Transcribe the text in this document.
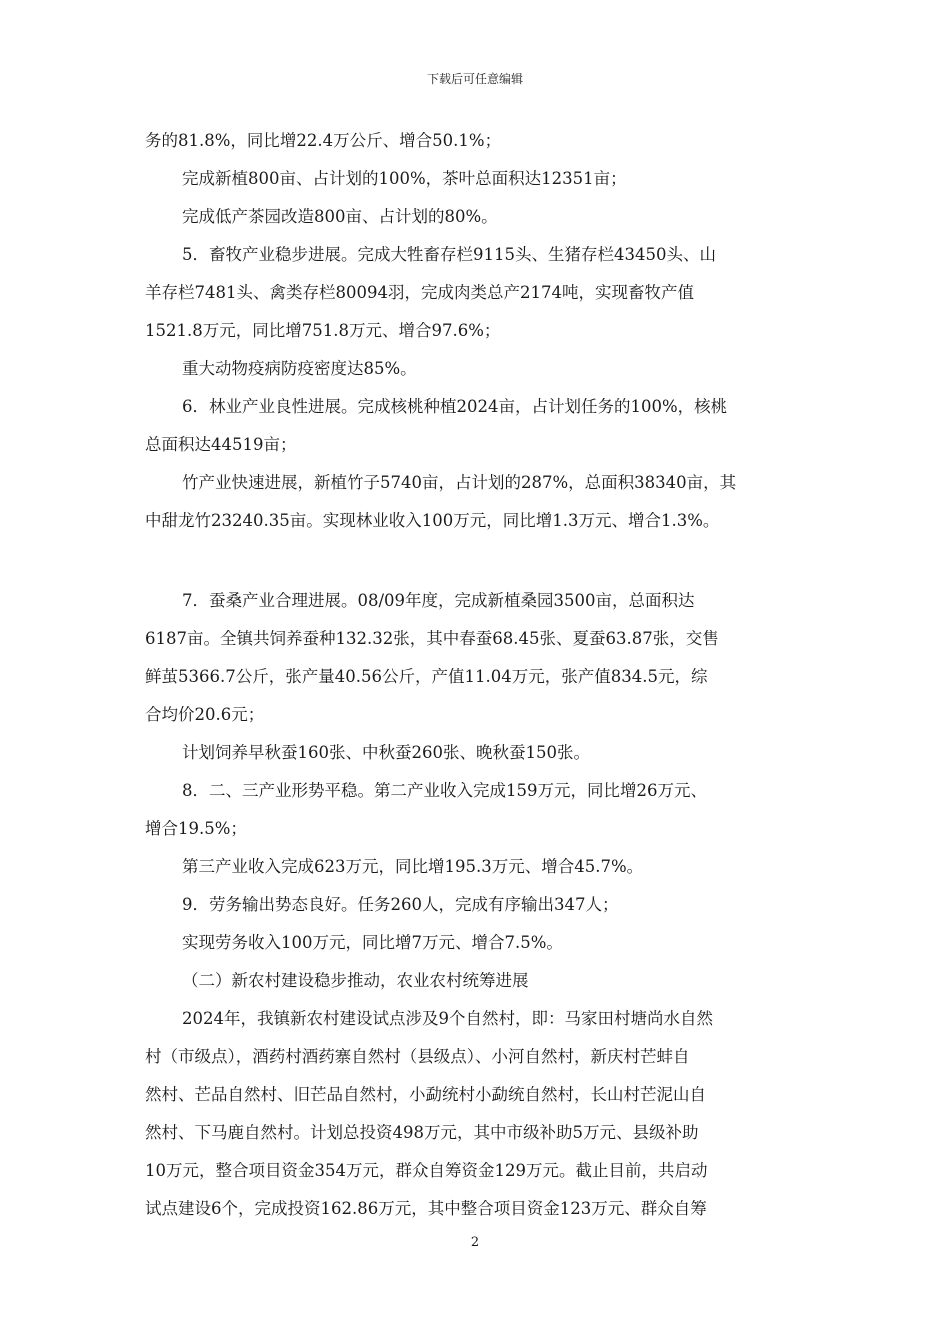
下载后可任意编辑
务的81.8%，同比增22.4万公斤、增合50.1%；
完成新植800亩、占计划的100%，茶叶总面积达12351亩；
完成低产茶园改造800亩、占计划的80%。
5．畜牧产业稳步进展。完成大牲畜存栏9115头、生猪存栏43450头、山
羊存栏7481头、禽类存栏80094羽，完成肉类总产2174吨，实现畜牧产值
1521.8万元，同比增751.8万元、增合97.6%；
重大动物疫病防疫密度达85%。
6．林业产业良性进展。完成核桃种植2024亩，占计划任务的100%，核桃
总面积达44519亩；
竹产业快速进展，新植竹子5740亩，占计划的287%，总面积38340亩，其
中甜龙竹23240.35亩。实现林业收入100万元，同比增1.3万元、增合1.3%。
7．蚕桑产业合理进展。08/09年度，完成新植桑园3500亩，总面积达
6187亩。全镇共饲养蚕种132.32张，其中春蚕68.45张、夏蚕63.87张，交售
鲜茧5366.7公斤，张产量40.56公斤，产值11.04万元，张产值834.5元，综
合均价20.6元；
计划饲养早秋蚕160张、中秋蚕260张、晚秋蚕150张。
8．二、三产业形势平稳。第二产业收入完成159万元，同比增26万元、
增合19.5%；
第三产业收入完成623万元，同比增195.3万元、增合45.7%。
9．劳务输出势态良好。任务260人，完成有序输出347人；
实现劳务收入100万元，同比增7万元、增合7.5%。
（二）新农村建设稳步推动，农业农村统筹进展
2024年，我镇新农村建设试点涉及9个自然村，即：马家田村塘尚水自然
村（市级点），酒药村酒药寨自然村（县级点）、小河自然村，新庆村芒蚌自
然村、芒品自然村、旧芒品自然村，小勐统村小勐统自然村，长山村芒泥山自
然村、下马鹿自然村。计划总投资498万元，其中市级补助5万元、县级补助
10万元，整合项目资金354万元，群众自筹资金129万元。截止目前，共启动
试点建设6个，完成投资162.86万元，其中整合项目资金123万元、群众自筹
2
